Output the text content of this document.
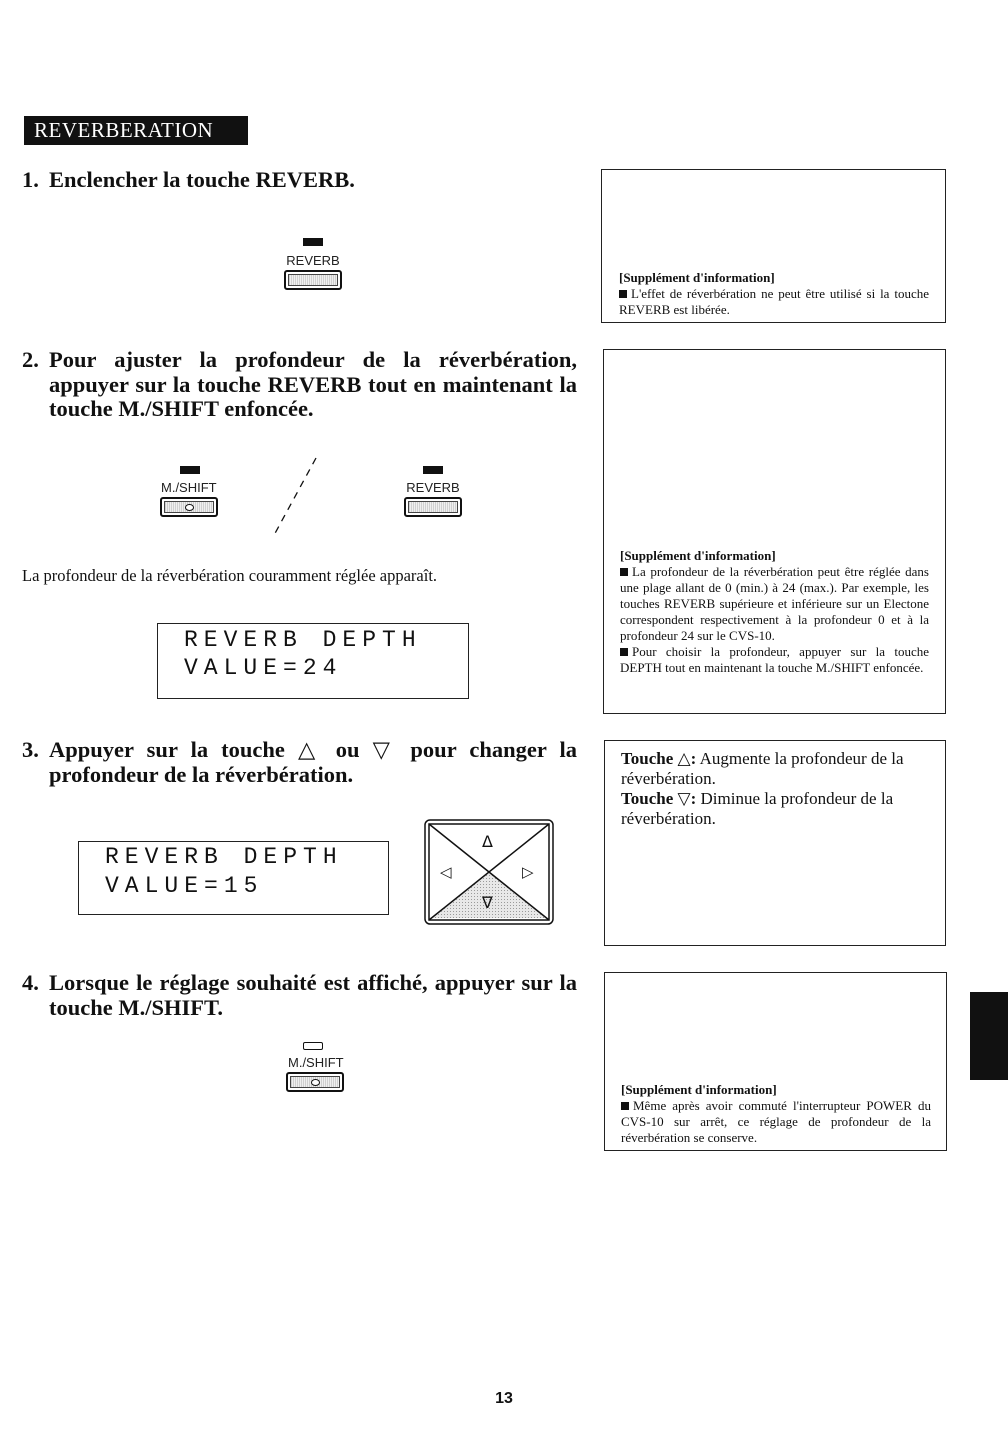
REVERBERATION
1. Enclencher la touche REVERB.
REVERB
[Supplément d'information]
L'effet de réverbération ne peut être utilisé si la touche REVERB est libérée.
2. Pour ajuster la profondeur de la réverbération, appuyer sur la touche REVERB tout en maintenant la touche M./SHIFT enfoncée.
M./SHIFT	REVERB
La profondeur de la réverbération couramment réglée apparaît.
REVERB DEPTH
VALUE=24
[Supplément d'information]
La profondeur de la réverbération peut être réglée dans une plage allant de 0 (min.) à 24 (max.). Par exemple, les touches REVERB supérieure et inférieure sur un Electone correspondent respectivement à la profondeur 0 et à la profondeur 24 sur le CVS-10.
Pour choisir la profondeur, appuyer sur la touche DEPTH tout en maintenant la touche M./SHIFT enfoncée.
3. Appuyer sur la touche △ ou ▽ pour changer la profondeur de la réverbération.
REVERB DEPTH
VALUE=15
Δ
◁	▷
∇
Touche △: Augmente la profondeur de la réverbération.
Touche ▽: Diminue la profondeur de la réverbération.
4. Lorsque le réglage souhaité est affiché, appuyer sur la touche M./SHIFT.
M./SHIFT
[Supplément d'information]
Même après avoir commuté l'interrupteur POWER du CVS-10 sur arrêt, ce réglage de profondeur de la réverbération se conserve.
13
